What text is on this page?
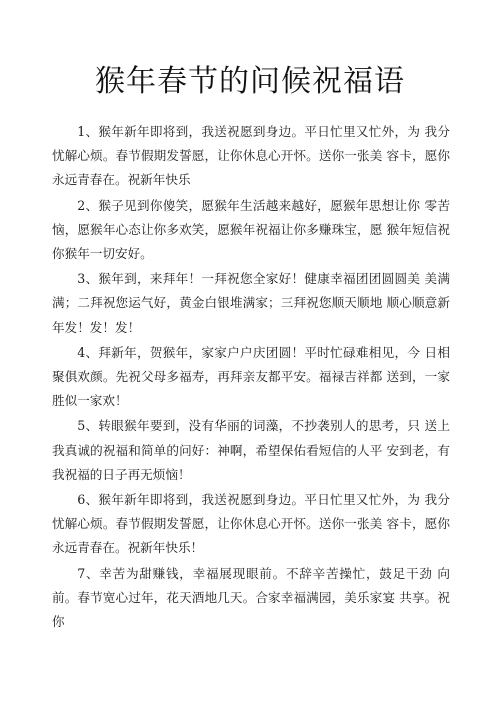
猴年春节的问候祝福语

1、猴年新年即将到，我送祝愿到身边。平日忙里又忙外，为 我分忧解心烦。春节假期发誓愿，让你休息心开怀。送你一张美 容卡，愿你永远青春在。祝新年快乐

2、猴子见到你傻笑，愿猴年生活越来越好，愿猴年思想让你 零苦恼，愿猴年心态让你多欢笑，愿猴年祝福让你多赚珠宝，愿 猴年短信祝你猴年一切安好。

3、猴年到，来拜年！一拜祝您全家好！健康幸福团团圆圆美 美满满；二拜祝您运气好，黄金白银堆满家；三拜祝您顺天顺地 顺心顺意新年发！发！发！

4、拜新年，贺猴年，家家户户庆团圆！平时忙碌难相见，今 日相聚俱欢颜。先祝父母多福寿，再拜亲友都平安。福禄吉祥都 送到，一家胜似一家欢！

5、转眼猴年要到，没有华丽的词藻，不抄袭别人的思考，只 送上我真诚的祝福和简单的问好：神啊，希望保佑看短信的人平 安到老，有我祝福的日子再无烦恼！

6、猴年新年即将到，我送祝愿到身边。平日忙里又忙外，为 我分忧解心烦。春节假期发誓愿，让你休息心开怀。送你一张美 容卡，愿你永远青春在。祝新年快乐！

7、幸苦为甜赚钱，幸福展现眼前。不辞辛苦操忙，鼓足干劲 向前。春节宽心过年，花天酒地几天。合家幸福满园，美乐家宴 共享。祝你
